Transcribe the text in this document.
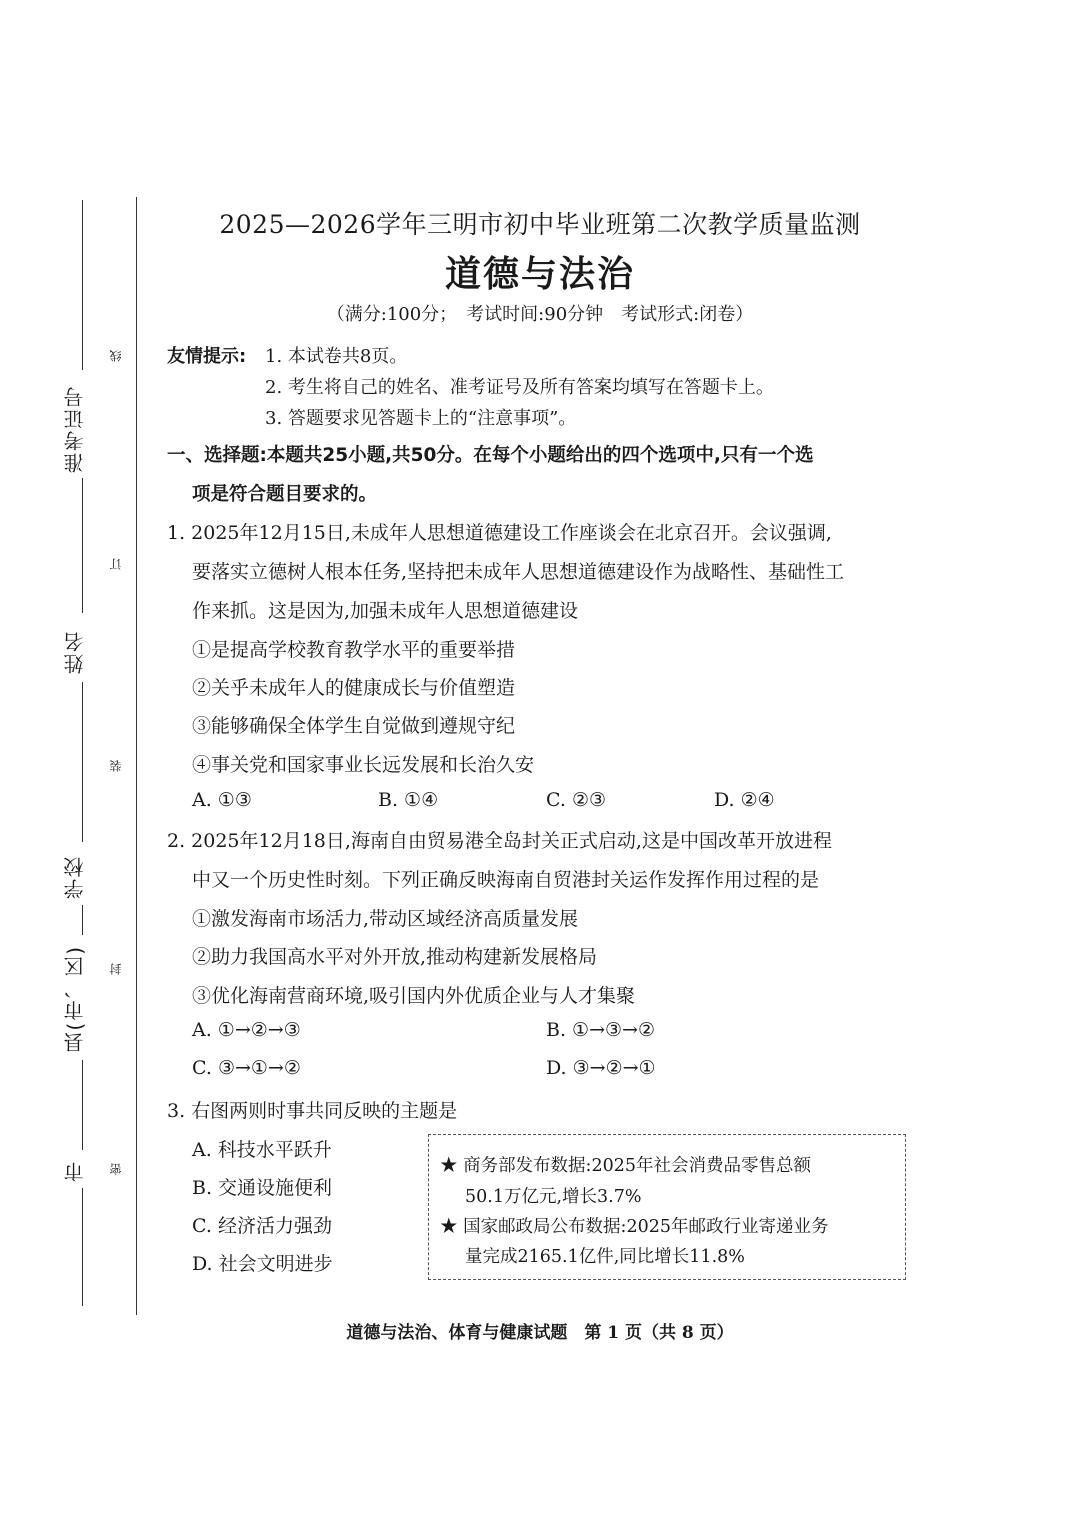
准考证号
姓名
学校
县(市、区)
市
线
订
装
封
密
2025—2026学年三明市初中毕业班第二次教学质量监测
道德与法治
（满分:100分；　考试时间:90分钟　考试形式:闭卷）
友情提示: 1. 本试卷共8页。
2. 考生将自己的姓名、准考证号及所有答案均填写在答题卡上。
3. 答题要求见答题卡上的“注意事项”。
一、选择题:本题共25小题,共50分。在每个小题给出的四个选项中,只有一个选
项是符合题目要求的。
1. 2025年12月15日,未成年人思想道德建设工作座谈会在北京召开。会议强调,
要落实立德树人根本任务,坚持把未成年人思想道德建设作为战略性、基础性工
作来抓。这是因为,加强未成年人思想道德建设
①是提高学校教育教学水平的重要举措
②关乎未成年人的健康成长与价值塑造
③能够确保全体学生自觉做到遵规守纪
④事关党和国家事业长远发展和长治久安
A. ①③	B. ①④	C. ②③	D. ②④
2. 2025年12月18日,海南自由贸易港全岛封关正式启动,这是中国改革开放进程
中又一个历史性时刻。下列正确反映海南自贸港封关运作发挥作用过程的是
①激发海南市场活力,带动区域经济高质量发展
②助力我国高水平对外开放,推动构建新发展格局
③优化海南营商环境,吸引国内外优质企业与人才集聚
A. ①→②→③	B. ①→③→②
C. ③→①→②	D. ③→②→①
3. 右图两则时事共同反映的主题是
A. 科技水平跃升
B. 交通设施便利
C. 经济活力强劲
D. 社会文明进步
★ 商务部发布数据:2025年社会消费品零售总额
50.1万亿元,增长3.7%
★ 国家邮政局公布数据:2025年邮政行业寄递业务
量完成2165.1亿件,同比增长11.8%
道德与法治、体育与健康试题　第 1 页（共 8 页）
